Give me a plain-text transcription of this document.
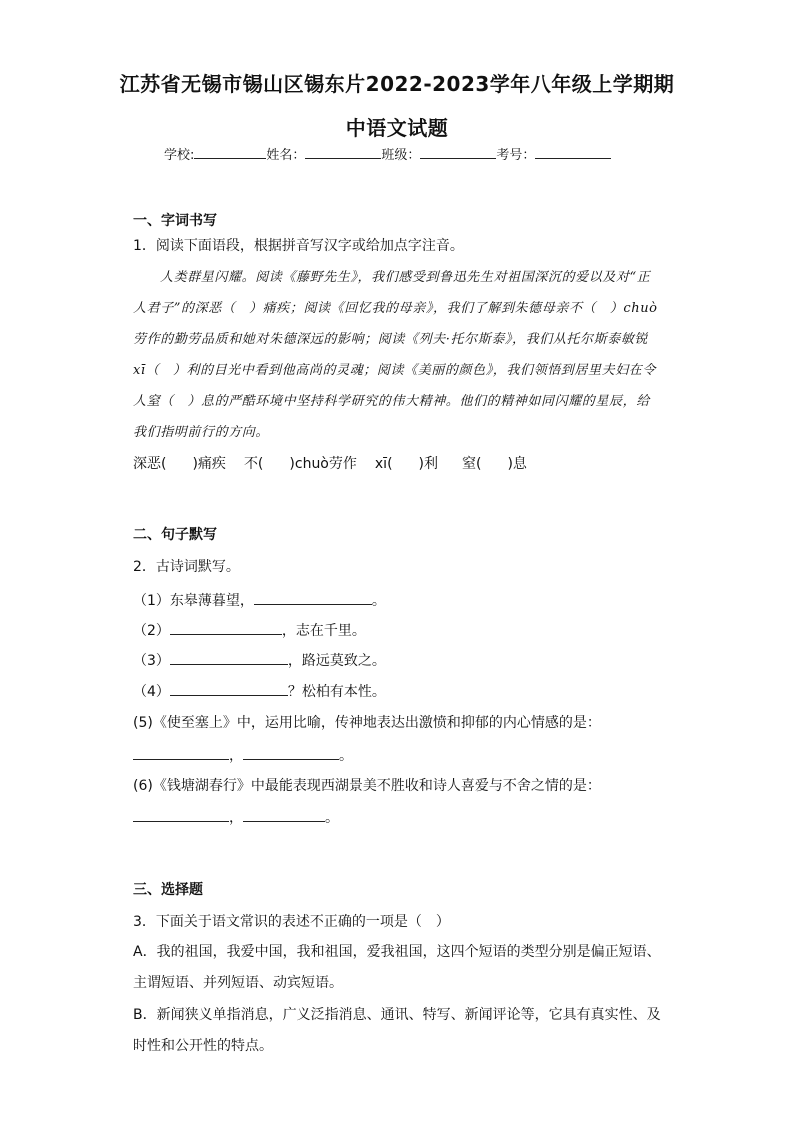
江苏省无锡市锡山区锡东片2022-2023学年八年级上学期期
中语文试题
学校:	姓名：	班级：	考号：
一、字词书写
1．阅读下面语段，根据拼音写汉字或给加点字注音。
人类群星闪耀。阅读《藤野先生》，我们感受到鲁迅先生对祖国深沉的爱以及对“正
人君子”的深恶（　）痛疾；阅读《回忆我的母亲》，我们了解到朱德母亲不（　）chuò
劳作的勤劳品质和她对朱德深远的影响；阅读《列夫·托尔斯泰》，我们从托尔斯泰敏锐
xī（　）利的目光中看到他高尚的灵魂；阅读《美丽的颜色》，我们领悟到居里夫妇在令
人窒（　）息的严酷环境中坚持科学研究的伟大精神。他们的精神如同闪耀的星辰，给
我们指明前行的方向。
深恶( )痛疾 不( )chuò劳作 xī( )利 窒( )息
二、句子默写
2．古诗词默写。
（1）东皋薄暮望，	。
（2）	，志在千里。
（3）	，路远莫致之。
（4）	？松柏有本性。
(5)《使至塞上》中，运用比喻，传神地表达出激愤和抑郁的内心情感的是：
，	。
(6)《钱塘湖春行》中最能表现西湖景美不胜收和诗人喜爱与不舍之情的是：
，	。
三、选择题
3．下面关于语文常识的表述不正确的一项是（　）
A．我的祖国，我爱中国，我和祖国，爱我祖国，这四个短语的类型分别是偏正短语、
主谓短语、并列短语、动宾短语。
B．新闻狭义单指消息，广义泛指消息、通讯、特写、新闻评论等，它具有真实性、及
时性和公开性的特点。
